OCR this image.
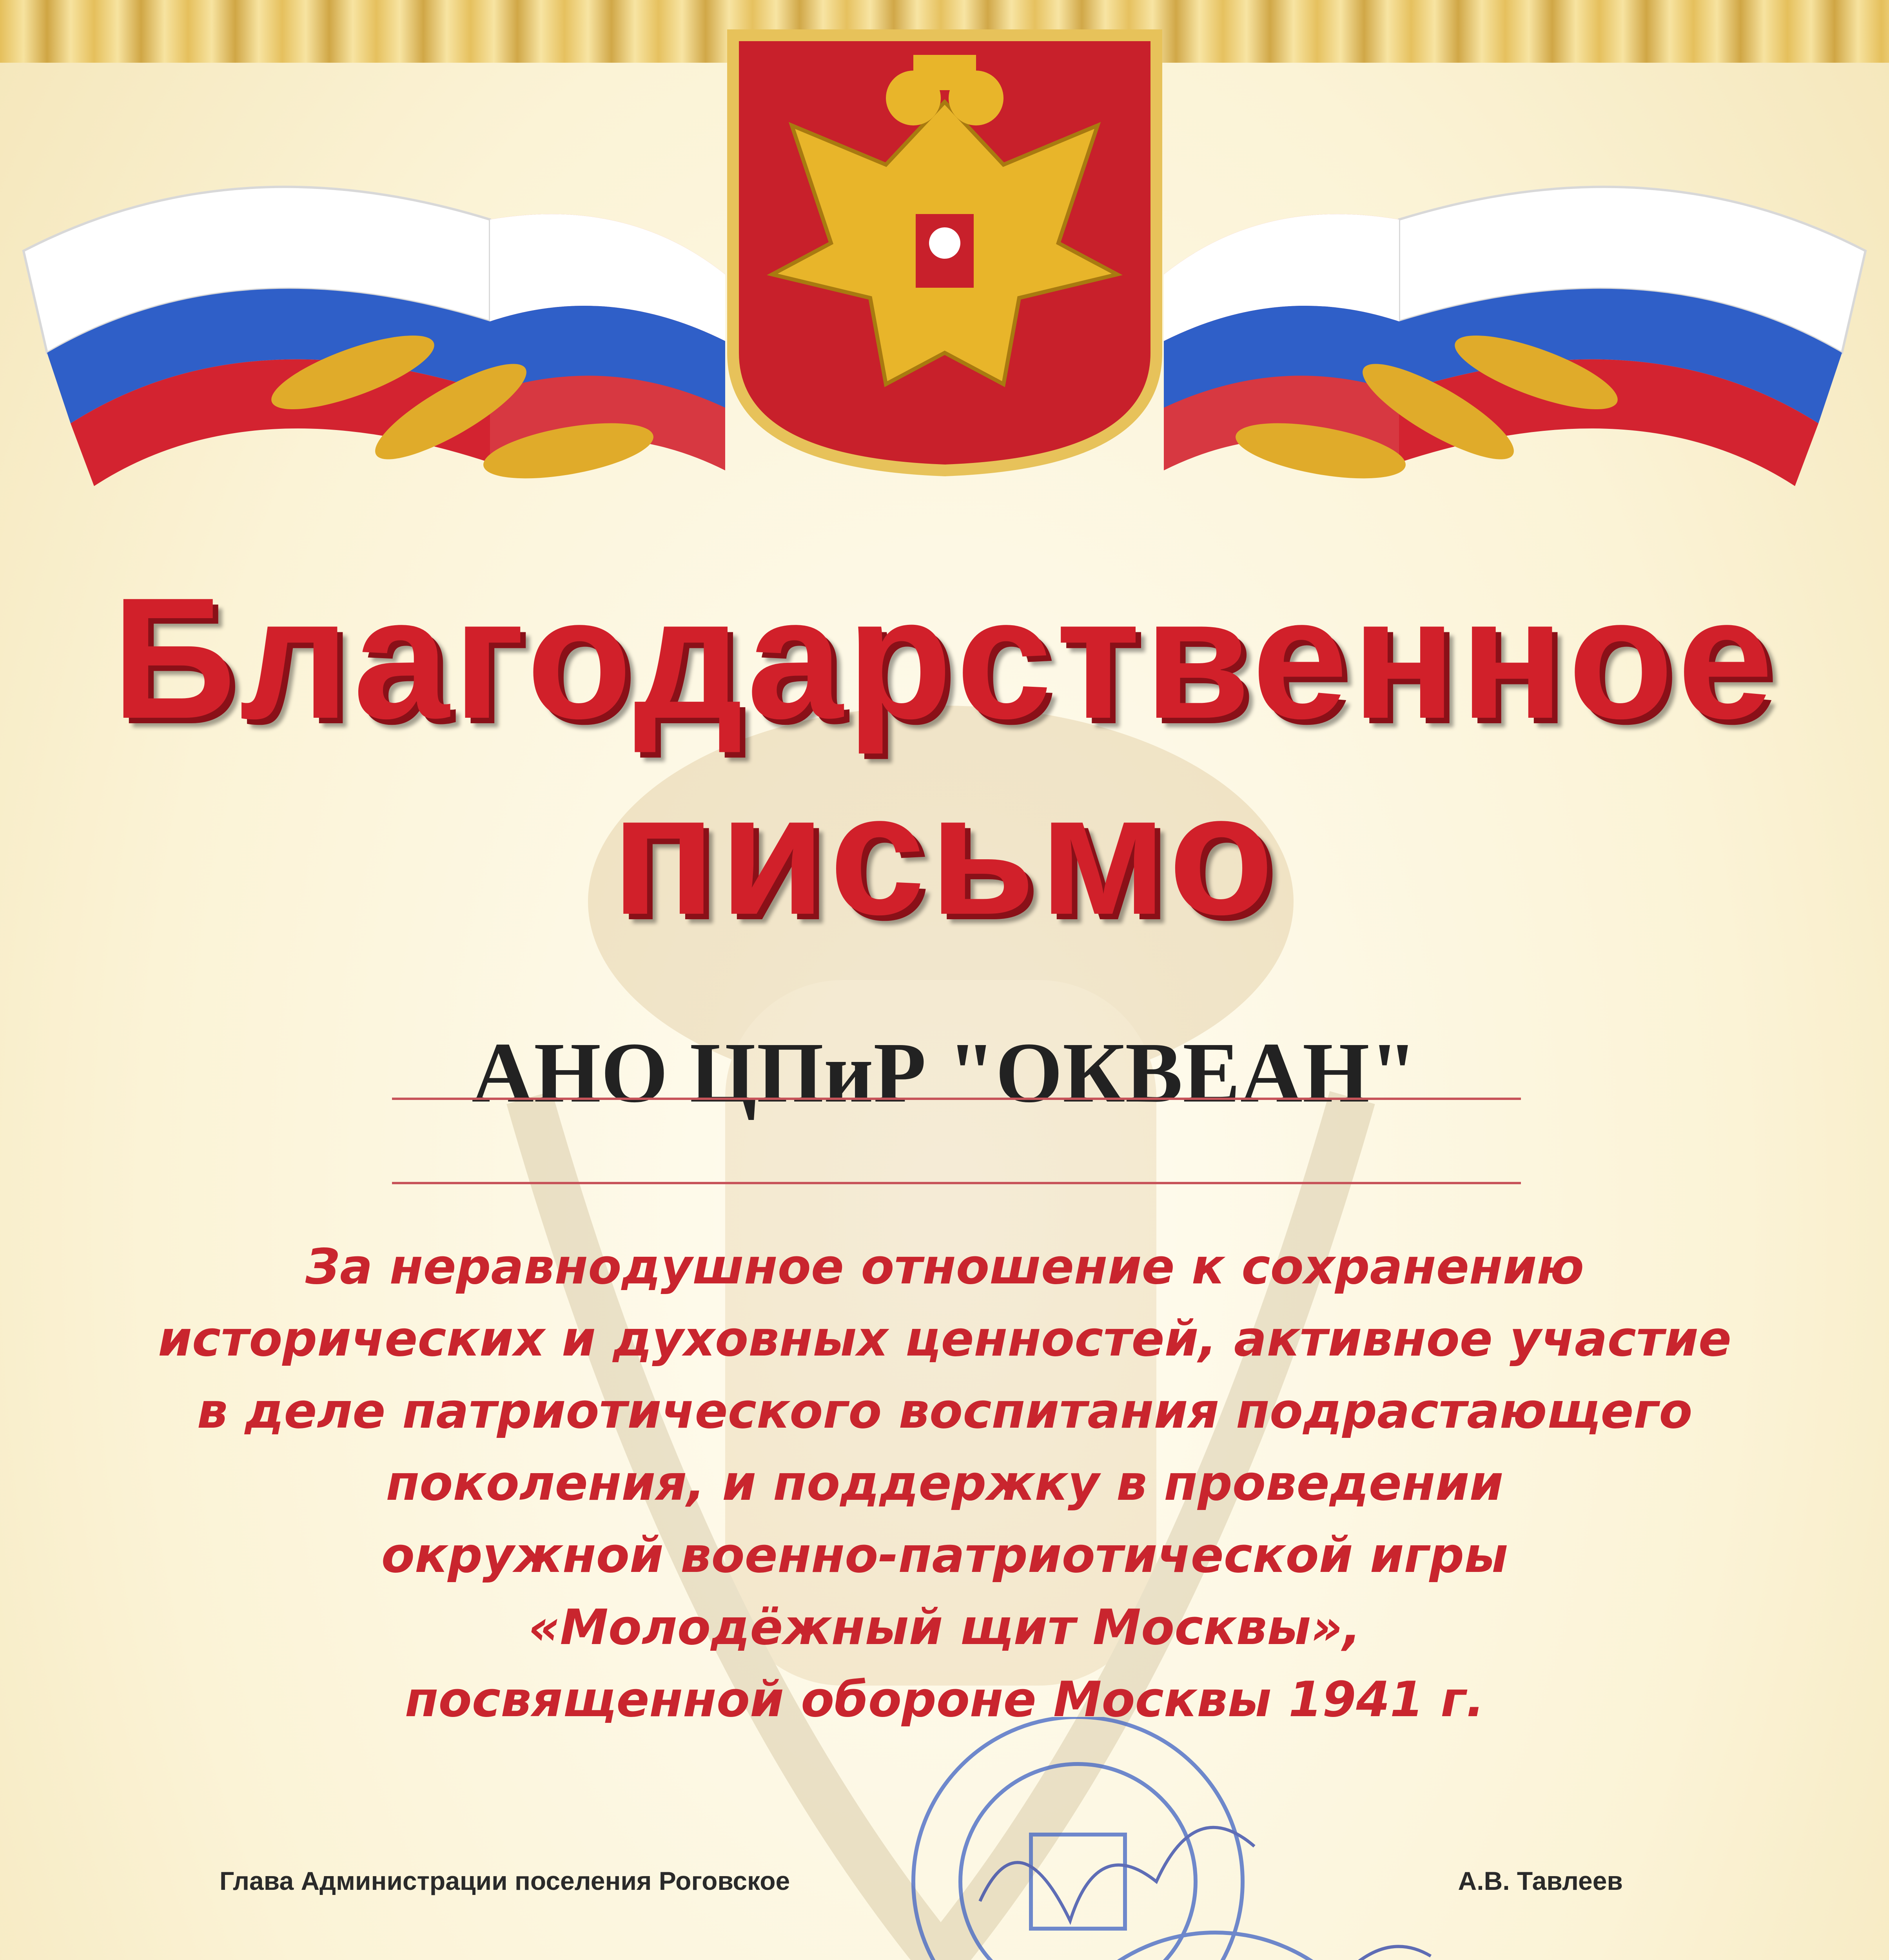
Благодарственное
письмо
АНО ЦПиР "ОКВЕАН"
За неравнодушное отношение к сохранению
исторических и духовных ценностей, активное участие
в деле патриотического воспитания подрастающего
поколения, и поддержку в проведении
окружной военно-патриотической игры
«Молодёжный щит Москвы»,
посвященной обороне Москвы 1941 г.
Глава Администрации поселения Роговское	А.В. Тавлеев
